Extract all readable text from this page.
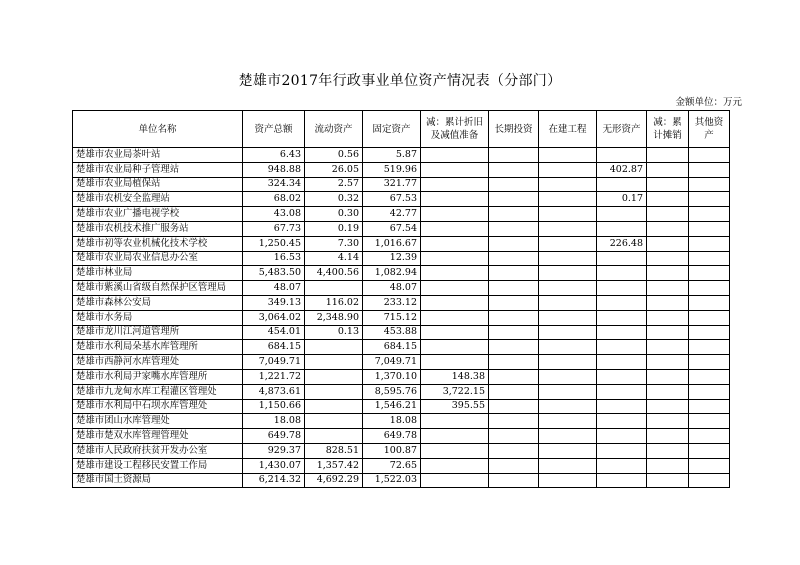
楚雄市2017年行政事业单位资产情况表（分部门）
金额单位：万元
单位名称	资产总额	流动资产	固定资产	减：累计折旧及减值准备	长期投资	在建工程	无形资产	减：累计摊销	其他资产
楚雄市农业局茶叶站	6.43	0.56	5.87						
楚雄市农业局种子管理站	948.88	26.05	519.96				402.87		
楚雄市农业局植保站	324.34	2.57	321.77						
楚雄市农机安全监理站	68.02	0.32	67.53				0.17		
楚雄市农业广播电视学校	43.08	0.30	42.77						
楚雄市农机技术推广服务站	67.73	0.19	67.54						
楚雄市初等农业机械化技术学校	1,250.45	7.30	1,016.67				226.48		
楚雄市农业局农业信息办公室	16.53	4.14	12.39						
楚雄市林业局	5,483.50	4,400.56	1,082.94						
楚雄市紫溪山省级自然保护区管理局	48.07		48.07						
楚雄市森林公安局	349.13	116.02	233.12						
楚雄市水务局	3,064.02	2,348.90	715.12						
楚雄市龙川江河道管理所	454.01	0.13	453.88						
楚雄市水利局朵基水库管理所	684.15		684.15						
楚雄市西静河水库管理处	7,049.71		7,049.71						
楚雄市水利局尹家嘴水库管理所	1,221.72		1,370.10	148.38					
楚雄市九龙甸水库工程灌区管理处	4,873.61		8,595.76	3,722.15					
楚雄市水利局中石坝水库管理处	1,150.66		1,546.21	395.55					
楚雄市团山水库管理处	18.08		18.08						
楚雄市楚双水库管理管理处	649.78		649.78						
楚雄市人民政府扶贫开发办公室	929.37	828.51	100.87						
楚雄市建设工程移民安置工作局	1,430.07	1,357.42	72.65						
楚雄市国土资源局	6,214.32	4,692.29	1,522.03						
